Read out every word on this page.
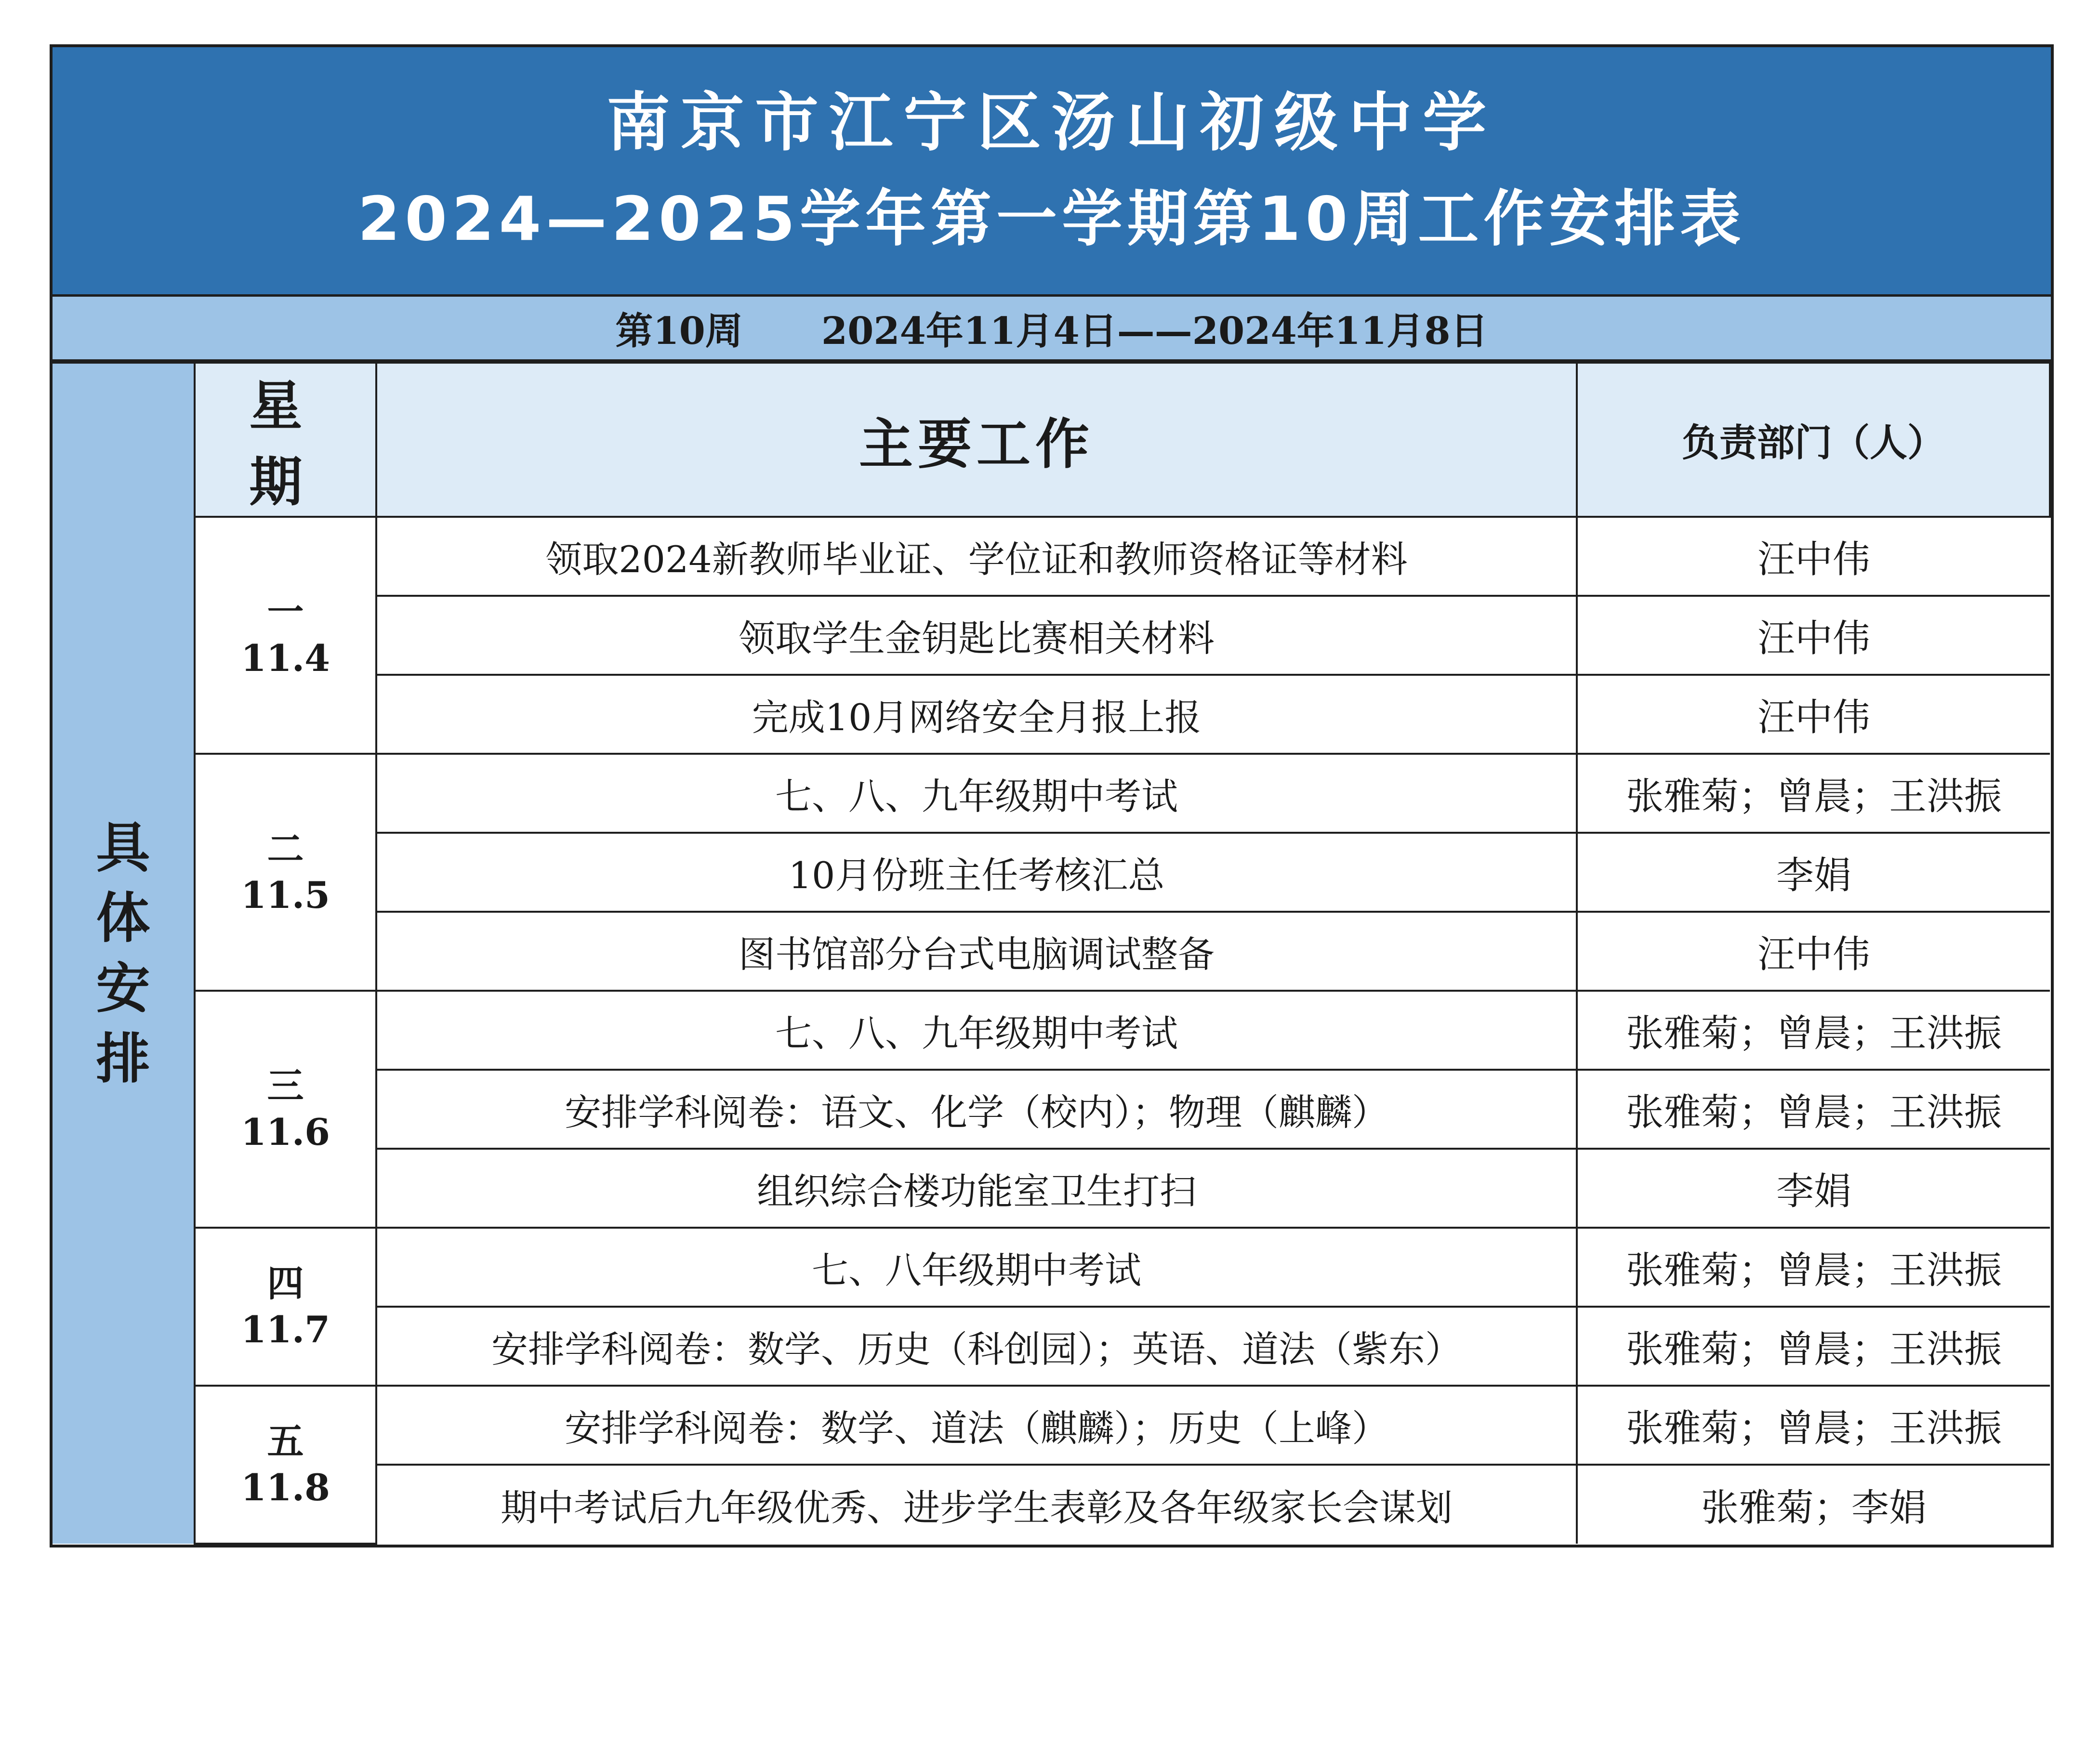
南京市江宁区汤山初级中学
2024—2025学年第一学期第10周工作安排表
第10周
2024年11月4日——2024年11月8日
具
体
安
排	星 期	主要工作	负责部门（人）

	一
11.4	领取2024新教师毕业证、学位证和教师资格证等材料	汪中伟
		领取学生金钥匙比赛相关材料	汪中伟
		完成10月网络安全月报上报	汪中伟

	二
11.5	七、八、九年级期中考试	张雅菊；曾晨；王洪振
		10月份班主任考核汇总	李娟
		图书馆部分台式电脑调试整备	汪中伟

	三
11.6	七、八、九年级期中考试	张雅菊；曾晨；王洪振
		安排学科阅卷：语文、化学（校内）；物理（麒麟）	张雅菊；曾晨；王洪振
		组织综合楼功能室卫生打扫	李娟

	四
11.7	七、八年级期中考试	张雅菊；曾晨；王洪振
		安排学科阅卷：数学、历史（科创园）；英语、道法（紫东）	张雅菊；曾晨；王洪振

	五
11.8	安排学科阅卷：数学、道法（麒麟）；历史（上峰）	张雅菊；曾晨；王洪振
		期中考试后九年级优秀、进步学生表彰及各年级家长会谋划	张雅菊；李娟
